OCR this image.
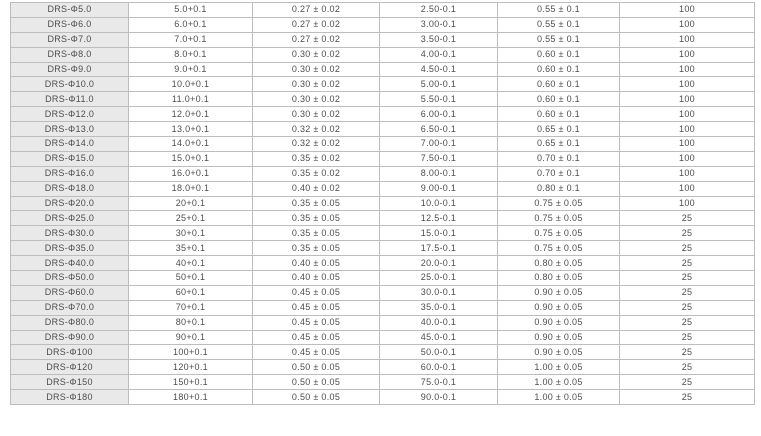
DRS-Φ5.0	5.0+0.1	0.27 ± 0.02	2.50-0.1	0.55 ± 0.1	100
DRS-Φ6.0	6.0+0.1	0.27 ± 0.02	3.00-0.1	0.55 ± 0.1	100
DRS-Φ7.0	7.0+0.1	0.27 ± 0.02	3.50-0.1	0.55 ± 0.1	100
DRS-Φ8.0	8.0+0.1	0.30 ± 0.02	4.00-0.1	0.60 ± 0.1	100
DRS-Φ9.0	9.0+0.1	0.30 ± 0.02	4.50-0.1	0.60 ± 0.1	100
DRS-Φ10.0	10.0+0.1	0.30 ± 0.02	5.00-0.1	0.60 ± 0.1	100
DRS-Φ11.0	11.0+0.1	0.30 ± 0.02	5.50-0.1	0.60 ± 0.1	100
DRS-Φ12.0	12.0+0.1	0.30 ± 0.02	6.00-0.1	0.60 ± 0.1	100
DRS-Φ13.0	13.0+0.1	0.32 ± 0.02	6.50-0.1	0.65 ± 0.1	100
DRS-Φ14.0	14.0+0.1	0.32 ± 0.02	7.00-0.1	0.65 ± 0.1	100
DRS-Φ15.0	15.0+0.1	0.35 ± 0.02	7.50-0.1	0.70 ± 0.1	100
DRS-Φ16.0	16.0+0.1	0.35 ± 0.02	8.00-0.1	0.70 ± 0.1	100
DRS-Φ18.0	18.0+0.1	0.40 ± 0.02	9.00-0.1	0.80 ± 0.1	100
DRS-Φ20.0	20+0.1	0.35 ± 0.05	10.0-0.1	0.75 ± 0.05	100
DRS-Φ25.0	25+0.1	0.35 ± 0.05	12.5-0.1	0.75 ± 0.05	25
DRS-Φ30.0	30+0.1	0.35 ± 0.05	15.0-0.1	0.75 ± 0.05	25
DRS-Φ35.0	35+0.1	0.35 ± 0.05	17.5-0.1	0.75 ± 0.05	25
DRS-Φ40.0	40+0.1	0.40 ± 0.05	20.0-0.1	0.80 ± 0.05	25
DRS-Φ50.0	50+0.1	0.40 ± 0.05	25.0-0.1	0.80 ± 0.05	25
DRS-Φ60.0	60+0.1	0.45 ± 0.05	30.0-0.1	0.90 ± 0.05	25
DRS-Φ70.0	70+0.1	0.45 ± 0.05	35.0-0.1	0.90 ± 0.05	25
DRS-Φ80.0	80+0.1	0.45 ± 0.05	40.0-0.1	0.90 ± 0.05	25
DRS-Φ90.0	90+0.1	0.45 ± 0.05	45.0-0.1	0.90 ± 0.05	25
DRS-Φ100	100+0.1	0.45 ± 0.05	50.0-0.1	0.90 ± 0.05	25
DRS-Φ120	120+0.1	0.50 ± 0.05	60.0-0.1	1.00 ± 0.05	25
DRS-Φ150	150+0.1	0.50 ± 0.05	75.0-0.1	1.00 ± 0.05	25
DRS-Φ180	180+0.1	0.50 ± 0.05	90.0-0.1	1.00 ± 0.05	25
